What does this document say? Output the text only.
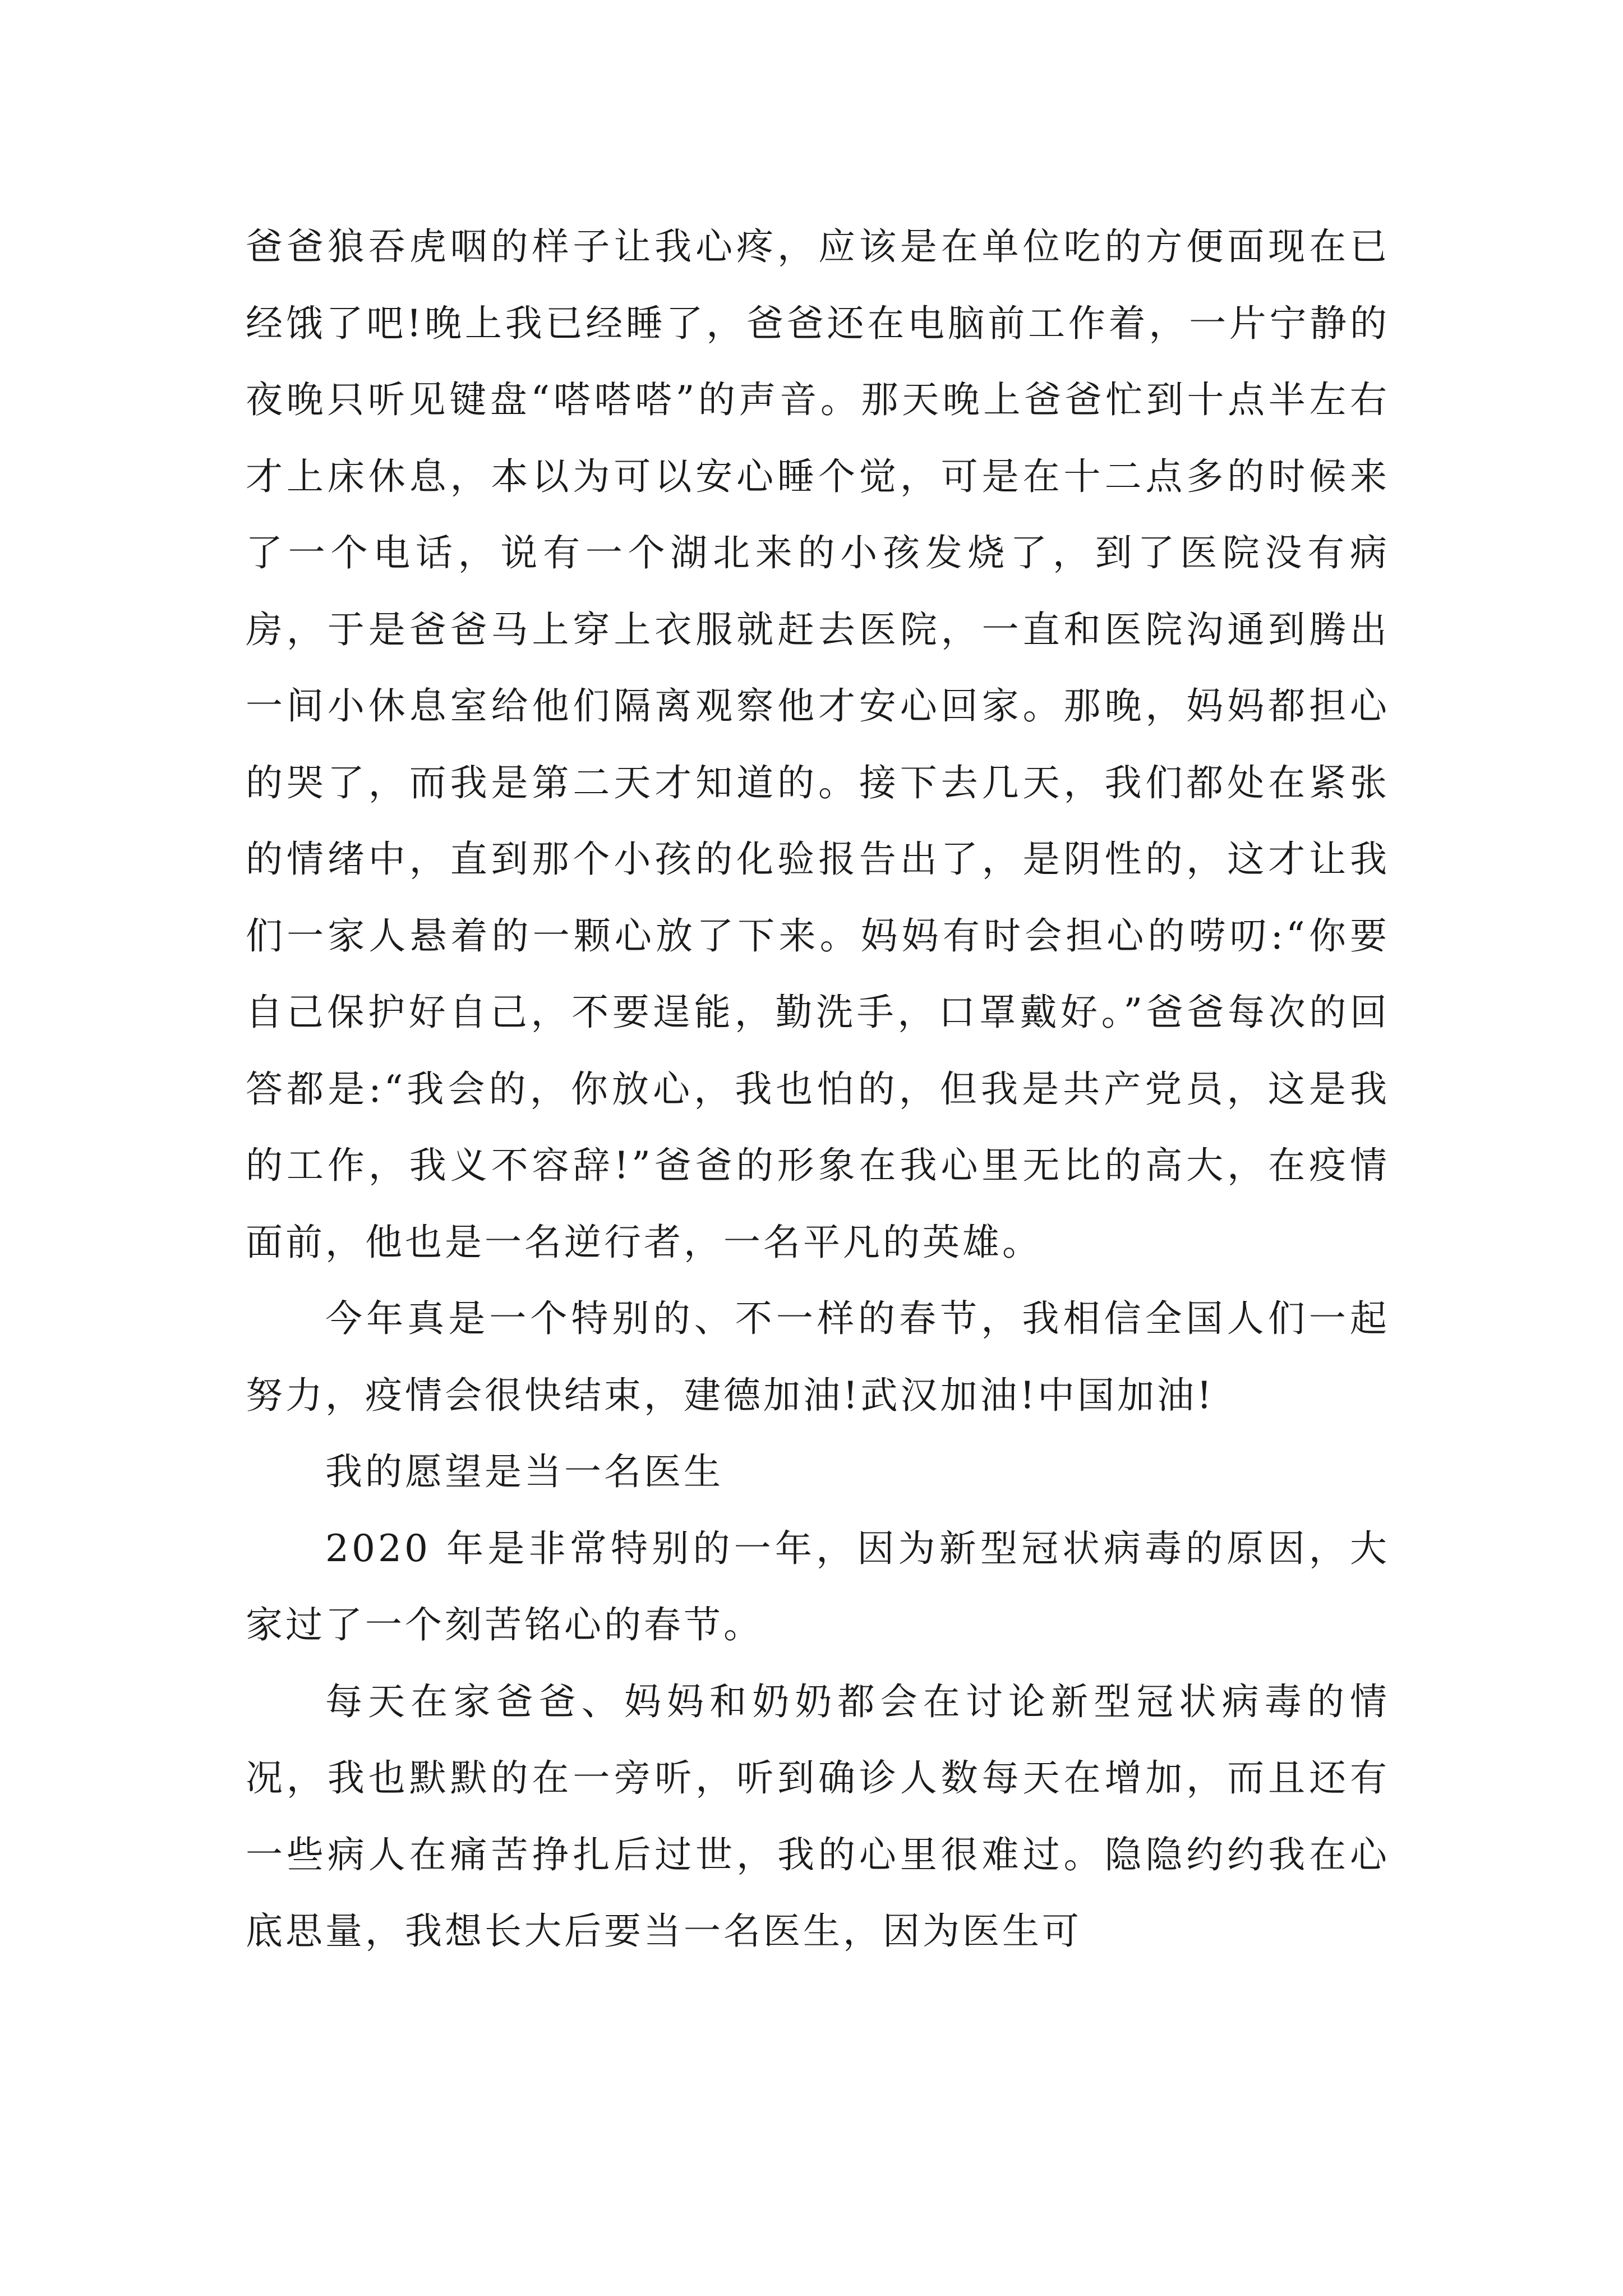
爸爸狼吞虎咽的样子让我心疼，应该是在单位吃的方便面现在已经饿了吧!晚上我已经睡了，爸爸还在电脑前工作着，一片宁静的夜晚只听见键盘“嗒嗒嗒”的声音。那天晚上爸爸忙到十点半左右才上床休息，本以为可以安心睡个觉，可是在十二点多的时候来了一个电话，说有一个湖北来的小孩发烧了，到了医院没有病房，于是爸爸马上穿上衣服就赶去医院，一直和医院沟通到腾出一间小休息室给他们隔离观察他才安心回家。那晚，妈妈都担心的哭了，而我是第二天才知道的。接下去几天，我们都处在紧张的情绪中，直到那个小孩的化验报告出了，是阴性的，这才让我们一家人悬着的一颗心放了下来。妈妈有时会担心的唠叨:“你要自己保护好自己，不要逞能，勤洗手，口罩戴好。”爸爸每次的回答都是:“我会的，你放心，我也怕的，但我是共产党员，这是我的工作，我义不容辞!”爸爸的形象在我心里无比的高大，在疫情面前，他也是一名逆行者，一名平凡的英雄。

今年真是一个特别的、不一样的春节，我相信全国人们一起努力，疫情会很快结束，建德加油!武汉加油!中国加油!

我的愿望是当一名医生

2020 年是非常特别的一年，因为新型冠状病毒的原因，大家过了一个刻苦铭心的春节。

每天在家爸爸、妈妈和奶奶都会在讨论新型冠状病毒的情况，我也默默的在一旁听，听到确诊人数每天在增加，而且还有一些病人在痛苦挣扎后过世，我的心里很难过。隐隐约约我在心底思量，我想长大后要当一名医生，因为医生可
